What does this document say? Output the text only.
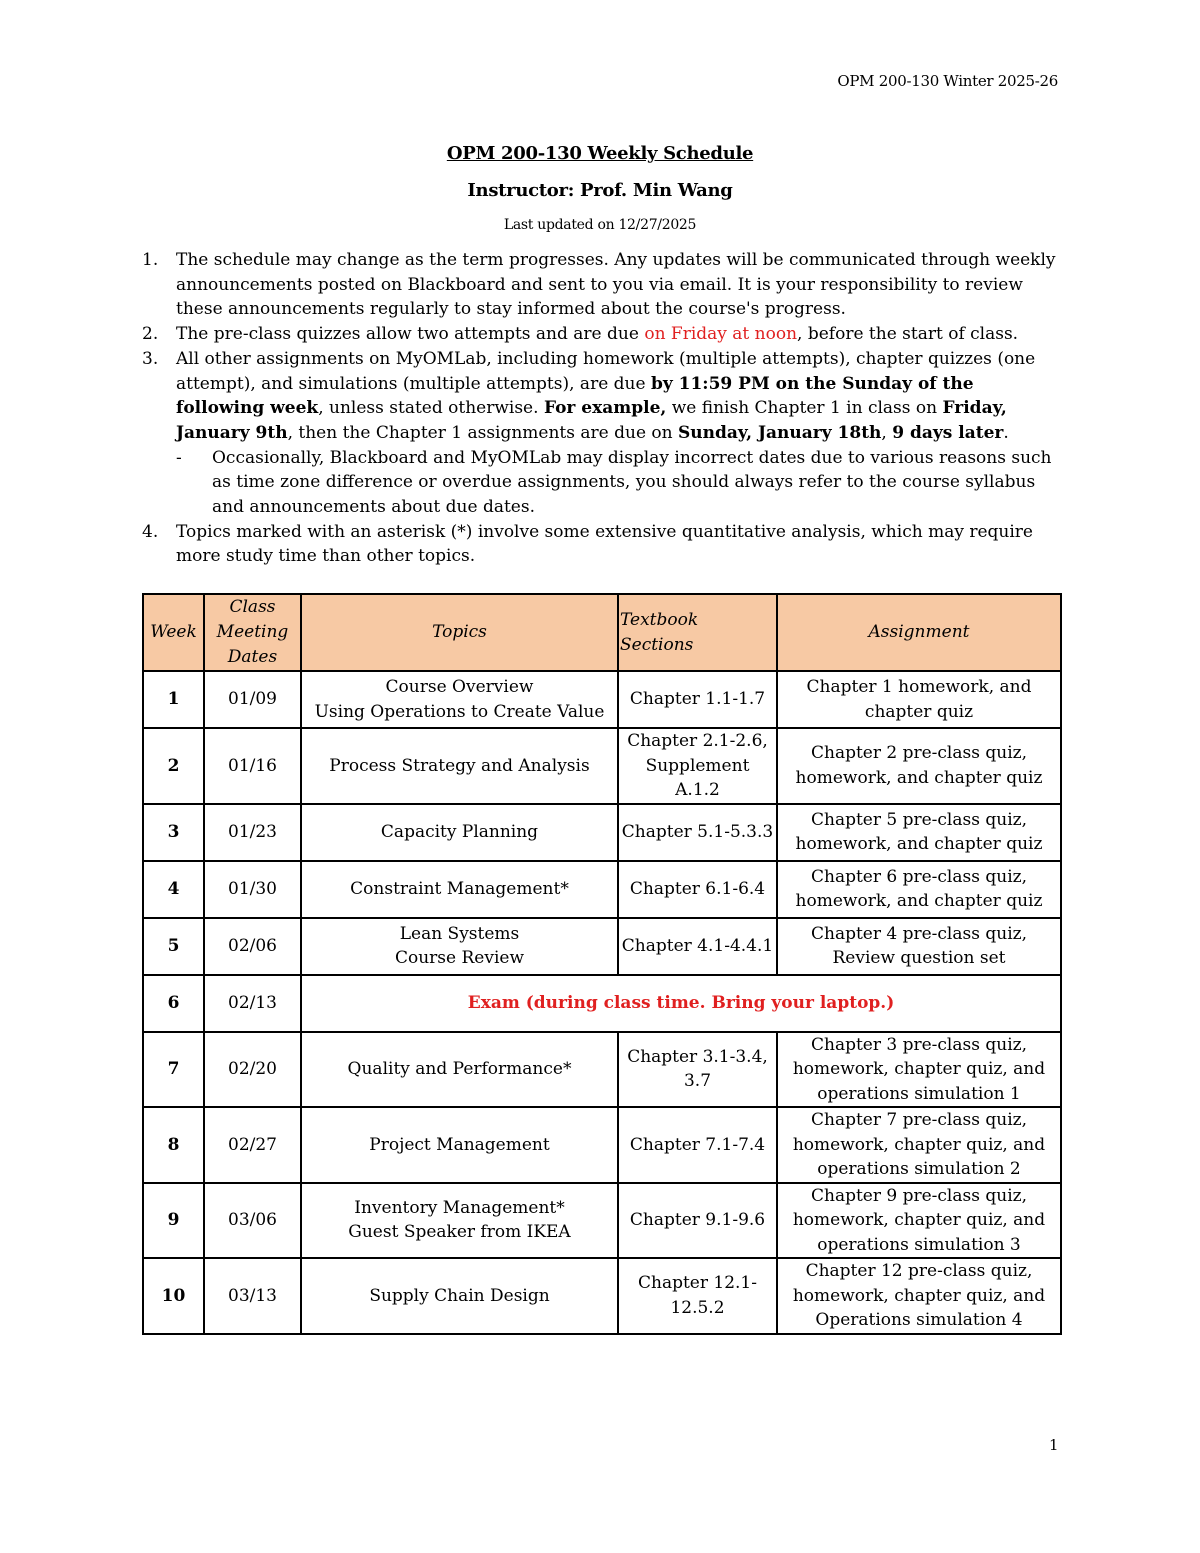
OPM 200-130 Winter 2025-26
OPM 200-130 Weekly Schedule
Instructor: Prof. Min Wang
Last updated on 12/27/2025
1. The schedule may change as the term progresses. Any updates will be communicated through weekly announcements posted on Blackboard and sent to you via email. It is your responsibility to review these announcements regularly to stay informed about the course's progress.
2. The pre-class quizzes allow two attempts and are due on Friday at noon, before the start of class.
3. All other assignments on MyOMLab, including homework (multiple attempts), chapter quizzes (one attempt), and simulations (multiple attempts), are due by 11:59 PM on the Sunday of the following week, unless stated otherwise. For example, we finish Chapter 1 in class on Friday, January 9th, then the Chapter 1 assignments are due on Sunday, January 18th, 9 days later.
- Occasionally, Blackboard and MyOMLab may display incorrect dates due to various reasons such as time zone difference or overdue assignments, you should always refer to the course syllabus and announcements about due dates.
4. Topics marked with an asterisk (*) involve some extensive quantitative analysis, which may require more study time than other topics.
Week	Class
Meeting
Dates	Topics	Textbook Sections	Assignment

1	01/09	Course Overview
Using Operations to Create Value	Chapter 1.1-1.7	Chapter 1 homework, and
chapter quiz

2	01/16	Process Strategy and Analysis	Chapter 2.1-2.6,
Supplement A.1.2	Chapter 2 pre-class quiz,
homework, and chapter quiz

3	01/23	Capacity Planning	Chapter 5.1-5.3.3	Chapter 5 pre-class quiz,
homework, and chapter quiz

4	01/30	Constraint Management*	Chapter 6.1-6.4	Chapter 6 pre-class quiz,
homework, and chapter quiz

5	02/06	Lean Systems
Course Review	Chapter 4.1-4.4.1	Chapter 4 pre-class quiz,
Review question set

6	02/13	Exam (during class time. Bring your laptop.)		

7	02/20	Quality and Performance*	Chapter 3.1-3.4,
3.7	Chapter 3 pre-class quiz,
homework, chapter quiz, and
operations simulation 1

8	02/27	Project Management	Chapter 7.1-7.4	Chapter 7 pre-class quiz,
homework, chapter quiz, and
operations simulation 2

9	03/06	Inventory Management*
Guest Speaker from IKEA	Chapter 9.1-9.6	Chapter 9 pre-class quiz,
homework, chapter quiz, and
operations simulation 3

10	03/13	Supply Chain Design	Chapter 12.1-
12.5.2	Chapter 12 pre-class quiz,
homework, chapter quiz, and
Operations simulation 4
1
